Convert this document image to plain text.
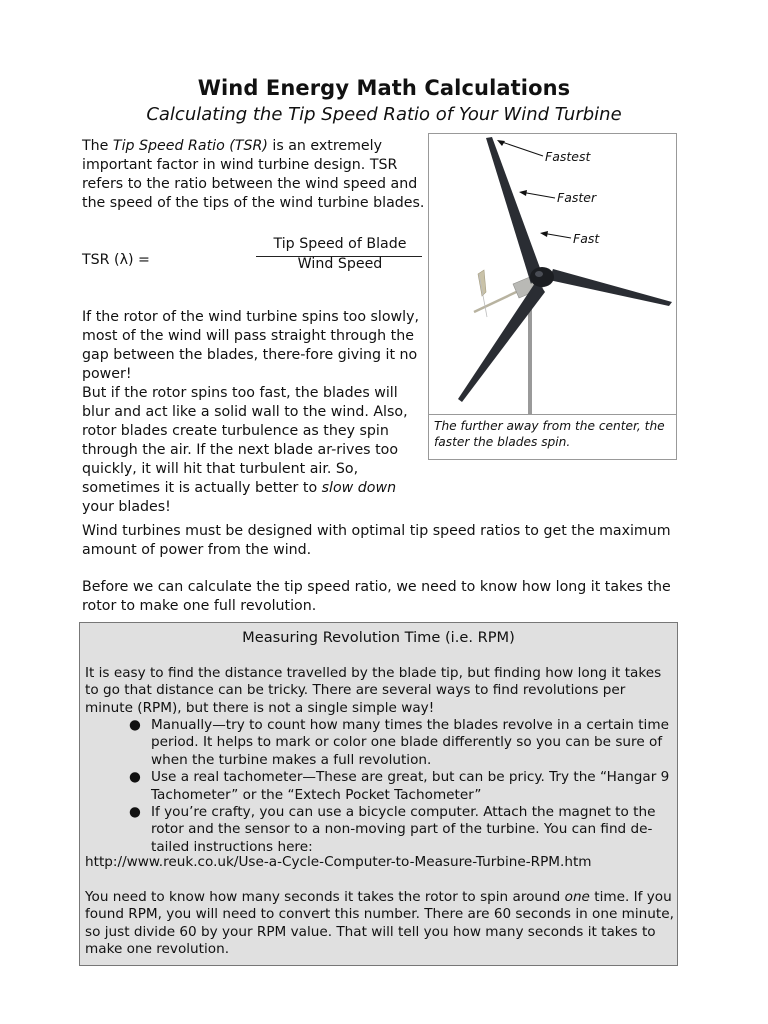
Wind Energy Math Calculations
Calculating the Tip Speed Ratio of Your Wind Turbine

The Tip Speed Ratio (TSR) is an extremely important factor in wind turbine design. TSR refers to the ratio between the wind speed and the speed of the tips of the wind turbine blades.

TSR (λ) =
Tip Speed of Blade
Wind Speed

If the rotor of the wind turbine spins too slowly, most of the wind will pass straight through the gap between the blades, there-fore giving it no power!

But if the rotor spins too fast, the blades will blur and act like a solid wall to the wind. Also, rotor blades create turbulence as they spin through the air. If the next blade ar-rives too quickly, it will hit that turbulent air. So, sometimes it is actually better to slow down your blades!

Fastest
Faster
Fast
The further away from the center, the faster the blades spin.

Wind turbines must be designed with optimal tip speed ratios to get the maximum amount of power from the wind.

Before we can calculate the tip speed ratio, we need to know how long it takes the rotor to make one full revolution.

Measuring Revolution Time (i.e. RPM)

It is easy to find the distance travelled by the blade tip, but finding how long it takes to go that distance can be tricky. There are several ways to find revolutions per minute (RPM), but there is not a single simple way!

● Manually—try to count how many times the blades revolve in a certain time period. It helps to mark or color one blade differently so you can be sure of when the turbine makes a full revolution.
● Use a real tachometer—These are great, but can be pricy. Try the “Hangar 9 Tachometer” or the “Extech Pocket Tachometer”
● If you’re crafty, you can use a bicycle computer. Attach the magnet to the rotor and the sensor to a non-moving part of the turbine. You can find de-tailed instructions here:

http://www.reuk.co.uk/Use-a-Cycle-Computer-to-Measure-Turbine-RPM.htm

You need to know how many seconds it takes the rotor to spin around one time. If you found RPM, you will need to convert this number. There are 60 seconds in one minute, so just divide 60 by your RPM value. That will tell you how many seconds it takes to make one revolution.
